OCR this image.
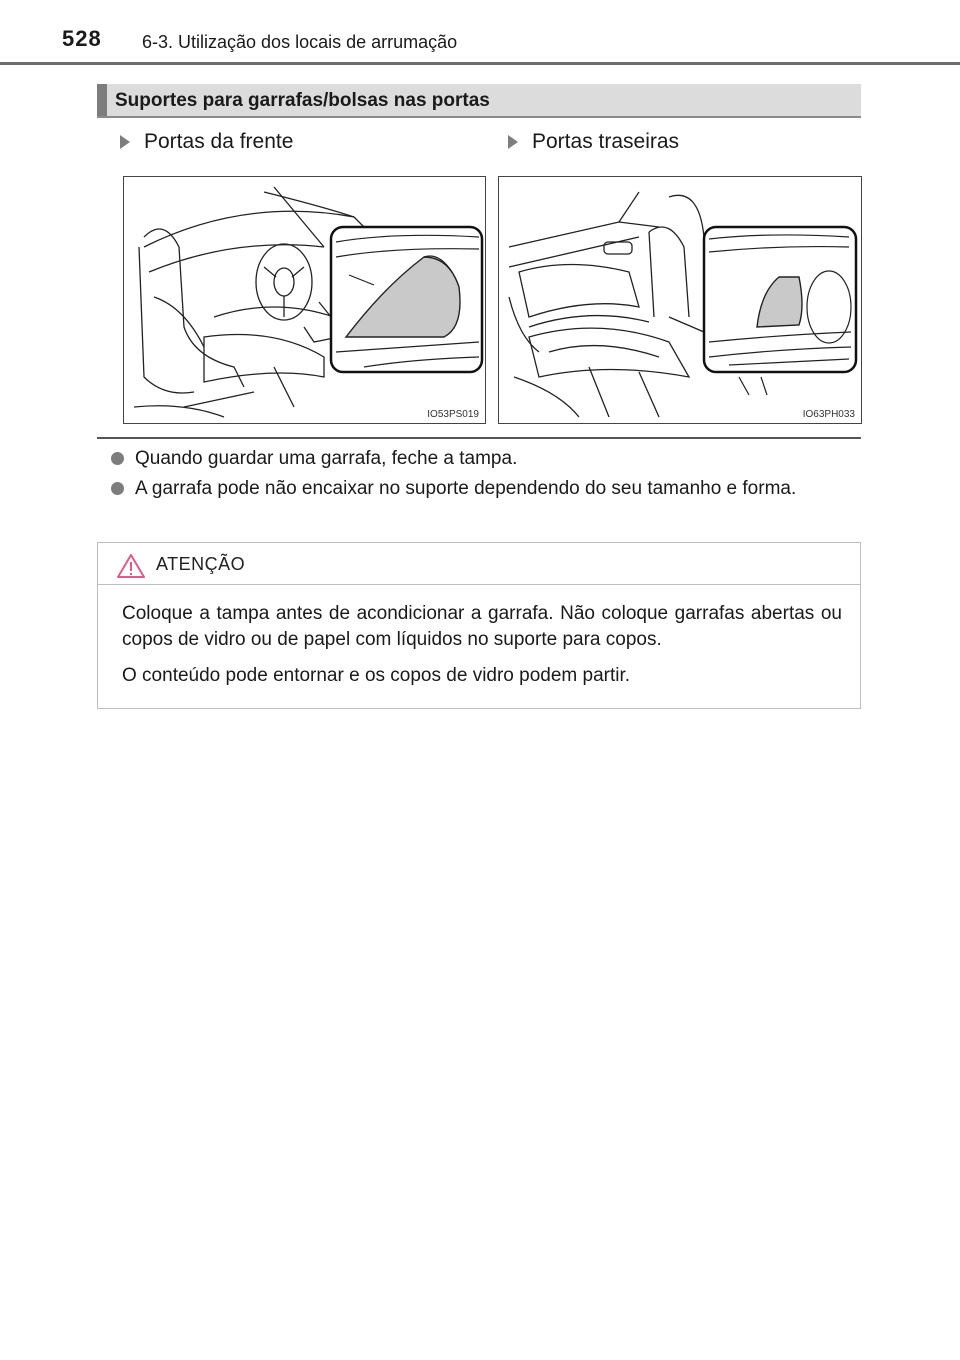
528 6-3. Utilização dos locais de arrumação
Suportes para garrafas/bolsas nas portas
Portas da frente	Portas traseiras
IO53PS019	IO63PH033
Quando guardar uma garrafa, feche a tampa.
A garrafa pode não encaixar no suporte dependendo do seu tamanho e forma.
ATENÇÃO

Coloque a tampa antes de acondicionar a garrafa. Não coloque garrafas abertas ou copos de vidro ou de papel com líquidos no suporte para copos.

O conteúdo pode entornar e os copos de vidro podem partir.
